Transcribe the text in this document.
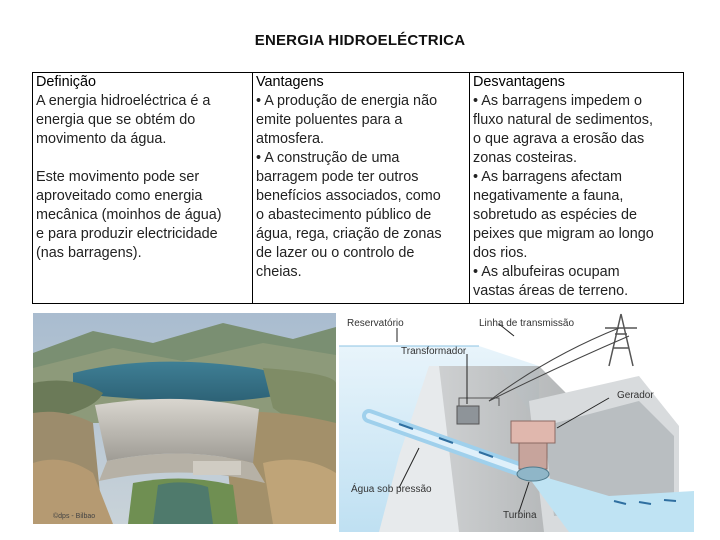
ENERGIA HIDROELÉCTRICA
Definição
A energia hidroeléctrica é a
energia que se obtém do
movimento da água.
Este movimento pode ser
aproveitado como energia
mecânica (moinhos de água)
e para produzir electricidade
(nas barragens).

Vantagens
• A produção de energia não
emite poluentes para a
atmosfera.
• A construção de uma
barragem pode ter outros
benefícios associados, como
o abastecimento público de
água, rega, criação de zonas
de lazer ou o controlo de
cheias.

Desvantagens
• As barragens impedem o
fluxo natural de sedimentos,
o que agrava a erosão das
zonas costeiras.
• As barragens afectam
negativamente a fauna,
sobretudo as espécies de
peixes que migram ao longo
dos rios.
• As albufeiras ocupam
vastas áreas de terreno.
©dps - Bilbao
Reservatório	Linha de transmissão
Transformador
Gerador
Água sob pressão
Turbina
